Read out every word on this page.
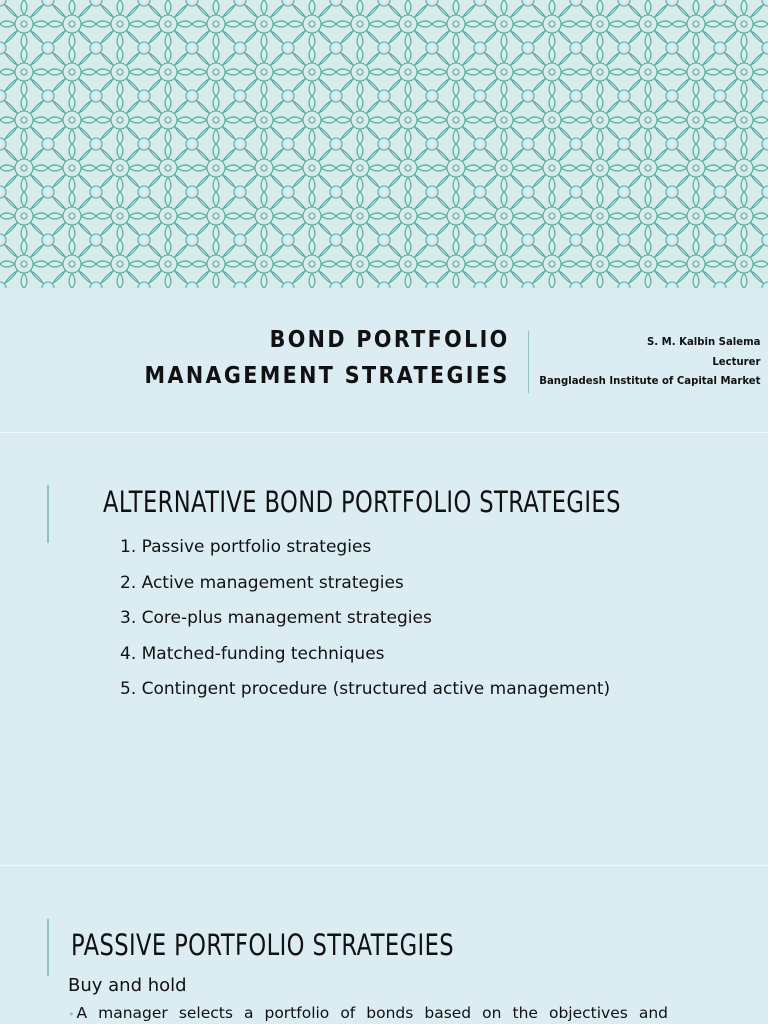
BOND PORTFOLIO
MANAGEMENT STRATEGIES
S. M. Kalbin Salema
Lecturer
Bangladesh Institute of Capital Market
ALTERNATIVE BOND PORTFOLIO STRATEGIES
1. Passive portfolio strategies
2. Active management strategies
3. Core-plus management strategies
4. Matched-funding techniques
5. Contingent procedure (structured active management)
PASSIVE PORTFOLIO STRATEGIES
Buy and hold
• A manager selects a portfolio of bonds based on the objectives and
